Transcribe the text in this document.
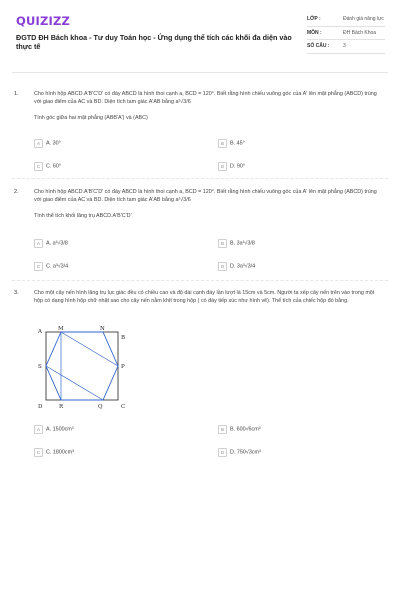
QUIZIZZ
ĐGTD ĐH Bách khoa - Tư duy Toán học - Ứng dụng thể tích các khối đa diện vào thực tế
LỚP :	Đánh giá năng lực
MÔN :	ĐH Bách Khoa
SỐ CÂU :	3
1.	Cho hình hộp ABCD.A'B'C'D' có đáy ABCD là hình thoi cạnh a, BCD = 120°. Biết rằng hình chiếu vuông góc của A' lên mặt phẳng (ABCD) trùng với giao điểm của AC và BD. Diện tích tam giác A'AB bằng a²√3/6
Tính góc giữa hai mặt phẳng (ABB'A') và (ABC)
A A. 30°	B B. 45°
C C. 60°	D D. 90°
2.	Cho hình hộp ABCD.A'B'C'D' có đáy ABCD là hình thoi cạnh a, BCD = 120°. Biết rằng hình chiếu vuông góc của A' lên mặt phẳng (ABCD) trùng với giao điểm của AC và BD. Diện tích tam giác A'AB bằng a²√3/6
Tính thể tích khối lăng trụ ABCD.A'B'C'D'
A A. a³√3/8	B B. 3a³√3/8
C C. a³√3/4	D D. 3a³√3/4
3.	Cho một cây nến hình lăng trụ lục giác đều có chiều cao và độ dài cạnh đáy lần lượt là 15cm và 5cm. Người ta xếp cây nến trên vào trong một hộp có dạng hình hộp chữ nhật sao cho cây nến nằm khít trong hộp ( có đáy tiếp xúc như hình vẽ). Thể tích của chiếc hộp đó bằng.
A	M	N
B
S	P
D	R	Q	C
A A. 1500cm³	B B. 600√6cm³
C C. 1800cm³	D D. 750√3cm³
